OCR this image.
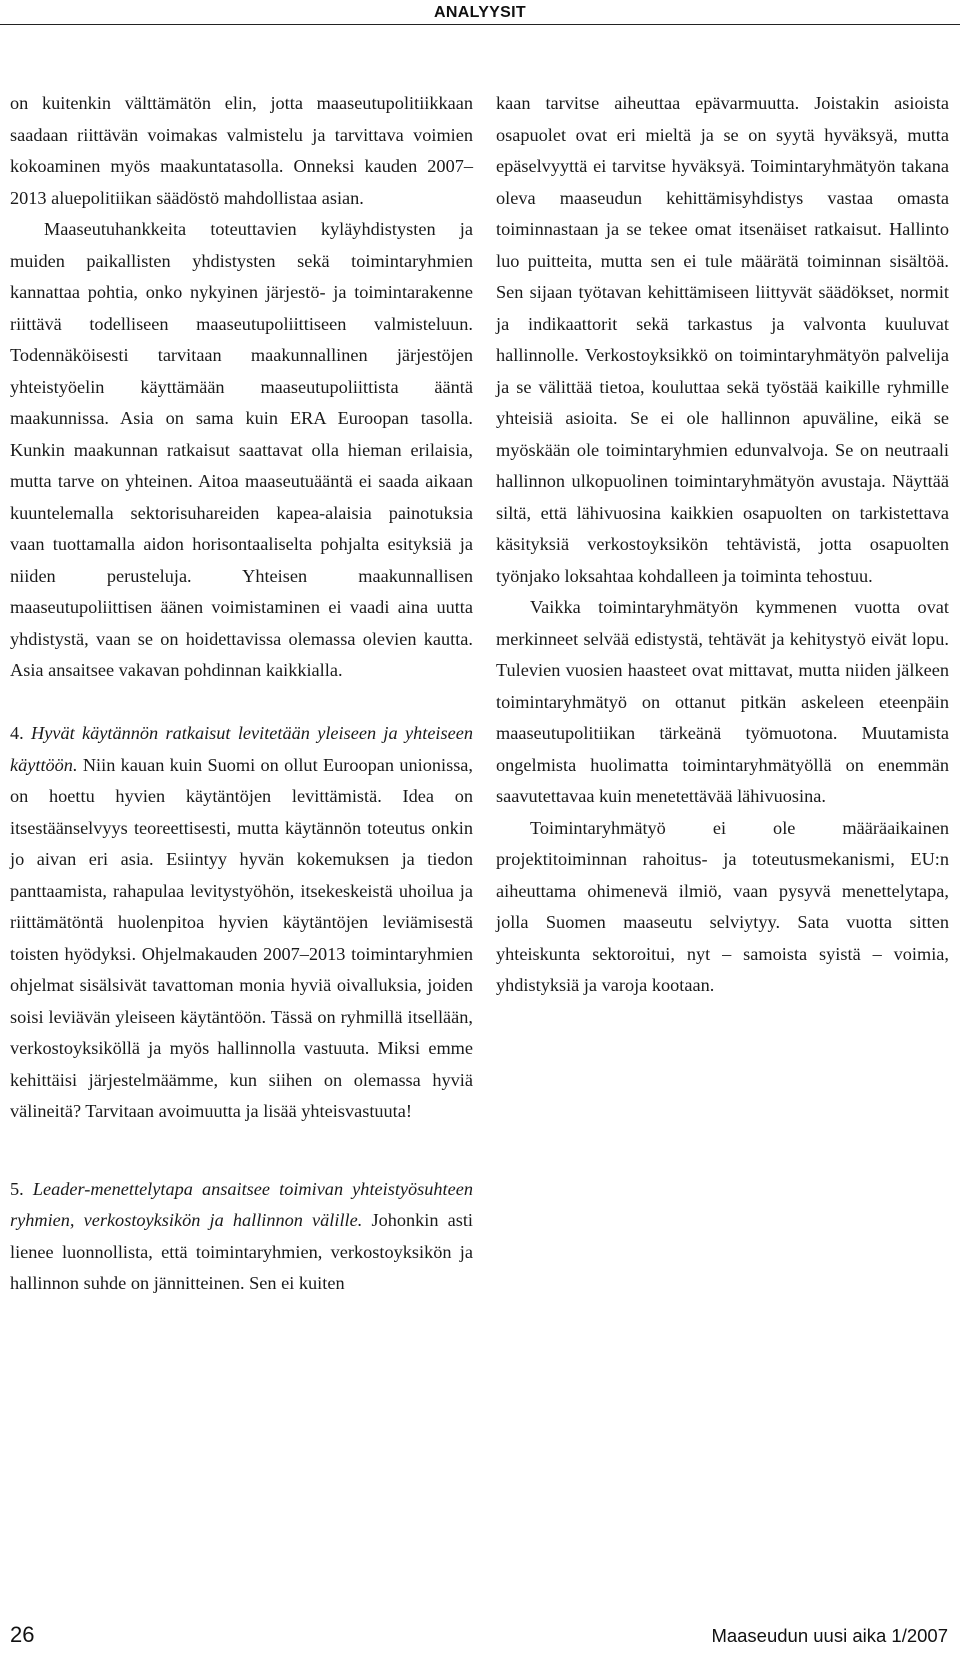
ANALYYSIT

on kuitenkin välttämätön elin, jotta maaseutupolitiikkaan saadaan riittävän voimakas valmistelu ja tarvittava voimien kokoaminen myös maakuntatasolla. Onneksi kauden 2007–2013 aluepolitiikan säädöstö mahdollistaa asian.

Maaseutuhankkeita toteuttavien kyläyhdistysten ja muiden paikallisten yhdistysten sekä toimintaryhmien kannattaa pohtia, onko nykyinen järjestö- ja toimintarakenne riittävä todelliseen maaseutupoliittiseen valmisteluun. Todennäköisesti tarvitaan maakunnallinen järjestöjen yhteistyöelin käyttämään maaseutupoliittista ääntä maakunnissa. Asia on sama kuin ERA Euroopan tasolla. Kunkin maakunnan ratkaisut saattavat olla hieman erilaisia, mutta tarve on yhteinen. Aitoa maaseutuääntä ei saada aikaan kuuntelemalla sektorisuhareiden kapea-alaisia painotuksia vaan tuottamalla aidon horisontaaliselta pohjalta esityksiä ja niiden perusteluja. Yhteisen maakunnallisen maaseutupoliittisen äänen voimistaminen ei vaadi aina uutta yhdistystä, vaan se on hoidettavissa olemassa olevien kautta. Asia ansaitsee vakavan pohdinnan kaikkialla.

4. Hyvät käytännön ratkaisut levitetään yleiseen ja yhteiseen käyttöön. Niin kauan kuin Suomi on ollut Euroopan unionissa, on hoettu hyvien käytäntöjen levittämistä. Idea on itsestäänselvyys teoreettisesti, mutta käytännön toteutus onkin jo aivan eri asia. Esiintyy hyvän kokemuksen ja tiedon panttaamista, rahapulaa levitystyöhön, itsekeskeistä uhoilua ja riittämätöntä huolenpitoa hyvien käytäntöjen leviämisestä toisten hyödyksi. Ohjelmakauden 2007–2013 toimintaryhmien ohjelmat sisälsivät tavattoman monia hyviä oivalluksia, joiden soisi leviävän yleiseen käytäntöön. Tässä on ryhmillä itsellään, verkostoyksiköllä ja myös hallinnolla vastuuta. Miksi emme kehittäisi järjestelmäämme, kun siihen on olemassa hyviä välineitä? Tarvitaan avoimuutta ja lisää yhteisvastuuta!

5. Leader-menettelytapa ansaitsee toimivan yhteistyösuhteen ryhmien, verkostoyksikön ja hallinnon välille. Johonkin asti lienee luonnollista, että toimintaryhmien, verkostoyksikön ja hallinnon suhde on jännitteinen. Sen ei kuiten

kaan tarvitse aiheuttaa epävarmuutta. Joistakin asioista osapuolet ovat eri mieltä ja se on syytä hyväksyä, mutta epäselvyyttä ei tarvitse hyväksyä. Toimintaryhmätyön takana oleva maaseudun kehittämisyhdistys vastaa omasta toiminnastaan ja se tekee omat itsenäiset ratkaisut. Hallinto luo puitteita, mutta sen ei tule määrätä toiminnan sisältöä. Sen sijaan työtavan kehittämiseen liittyvät säädökset, normit ja indikaattorit sekä tarkastus ja valvonta kuuluvat hallinnolle. Verkostoyksikkö on toimintaryhmätyön palvelija ja se välittää tietoa, kouluttaa sekä työstää kaikille ryhmille yhteisiä asioita. Se ei ole hallinnon apuväline, eikä se myöskään ole toimintaryhmien edunvalvoja. Se on neutraali hallinnon ulkopuolinen toimintaryhmätyön avustaja. Näyttää siltä, että lähivuosina kaikkien osapuolten on tarkistettava käsityksiä verkostoyksikön tehtävistä, jotta osapuolten työnjako loksahtaa kohdalleen ja toiminta tehostuu.

Vaikka toimintaryhmätyön kymmenen vuotta ovat merkinneet selvää edistystä, tehtävät ja kehitystyö eivät lopu. Tulevien vuosien haasteet ovat mittavat, mutta niiden jälkeen toimintaryhmätyö on ottanut pitkän askeleen eteenpäin maaseutupolitiikan tärkeänä työmuotona. Muutamista ongelmista huolimatta toimintaryhmätyöllä on enemmän saavutettavaa kuin menetettävää lähivuosina.

Toimintaryhmätyö ei ole määräaikainen projektitoiminnan rahoitus- ja toteutusmekanismi, EU:n aiheuttama ohimenevä ilmiö, vaan pysyvä menettelytapa, jolla Suomen maaseutu selviytyy. Sata vuotta sitten yhteiskunta sektoroitui, nyt – samoista syistä – voimia, yhdistyksiä ja varoja kootaan.

26	Maaseudun uusi aika 1/2007
